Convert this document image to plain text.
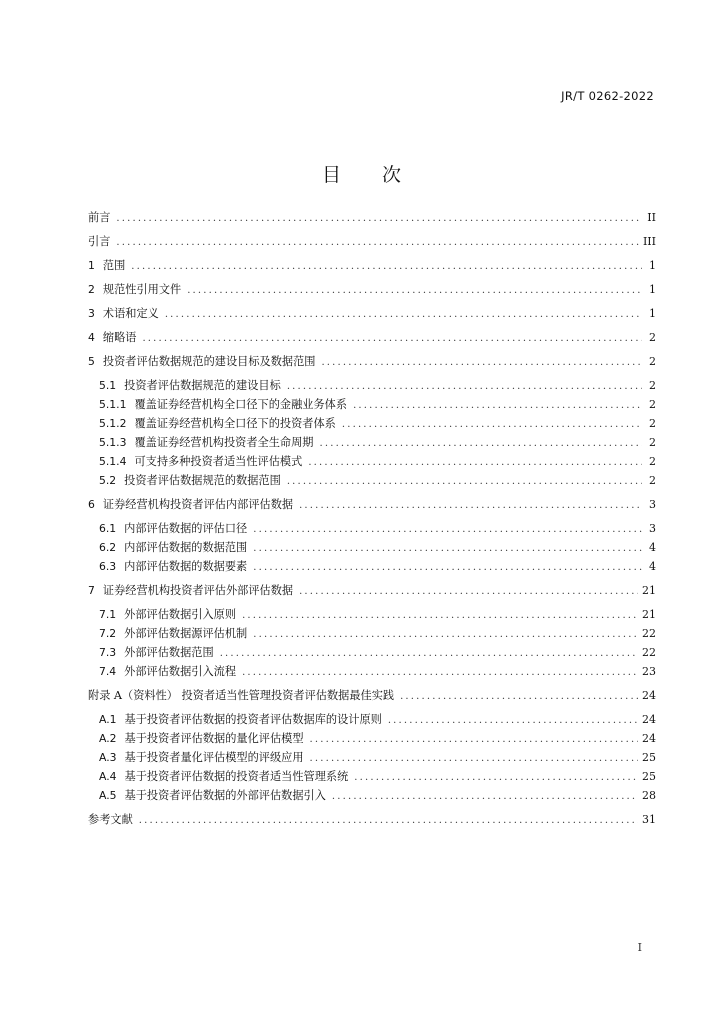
JR/T 0262-2022
目 次
前言 . . .	II
引言 . . .	III
1 范围 . . .	1
2 规范性引用文件 . . .	1
3 术语和定义 . . .	1
4 缩略语 . . .	2
5 投资者评估数据规范的建设目标及数据范围 . . .	2
5.1 投资者评估数据规范的建设目标 . . .	2
5.1.1 覆盖证券经营机构全口径下的金融业务体系 . . .	2
5.1.2 覆盖证券经营机构全口径下的投资者体系 . . .	2
5.1.3 覆盖证券经营机构投资者全生命周期 . . .	2
5.1.4 可支持多种投资者适当性评估模式 . . .	2
5.2 投资者评估数据规范的数据范围 . . .	2
6 证券经营机构投资者评估内部评估数据 . . .	3
6.1 内部评估数据的评估口径 . . .	3
6.2 内部评估数据的数据范围 . . .	4
6.3 内部评估数据的数据要素 . . .	4
7 证券经营机构投资者评估外部评估数据 . . .	21
7.1 外部评估数据引入原则 . . .	21
7.2 外部评估数据源评估机制 . . .	22
7.3 外部评估数据范围 . . .	22
7.4 外部评估数据引入流程 . . .	23
附录 A（资料性） 投资者适当性管理投资者评估数据最佳实践 . . .	24
A.1 基于投资者评估数据的投资者评估数据库的设计原则 . . .	24
A.2 基于投资者评估数据的量化评估模型 . . .	24
A.3 基于投资者量化评估模型的评级应用 . . .	25
A.4 基于投资者评估数据的投资者适当性管理系统 . . .	25
A.5 基于投资者评估数据的外部评估数据引入 . . .	28
参考文献 . . .	31
I
